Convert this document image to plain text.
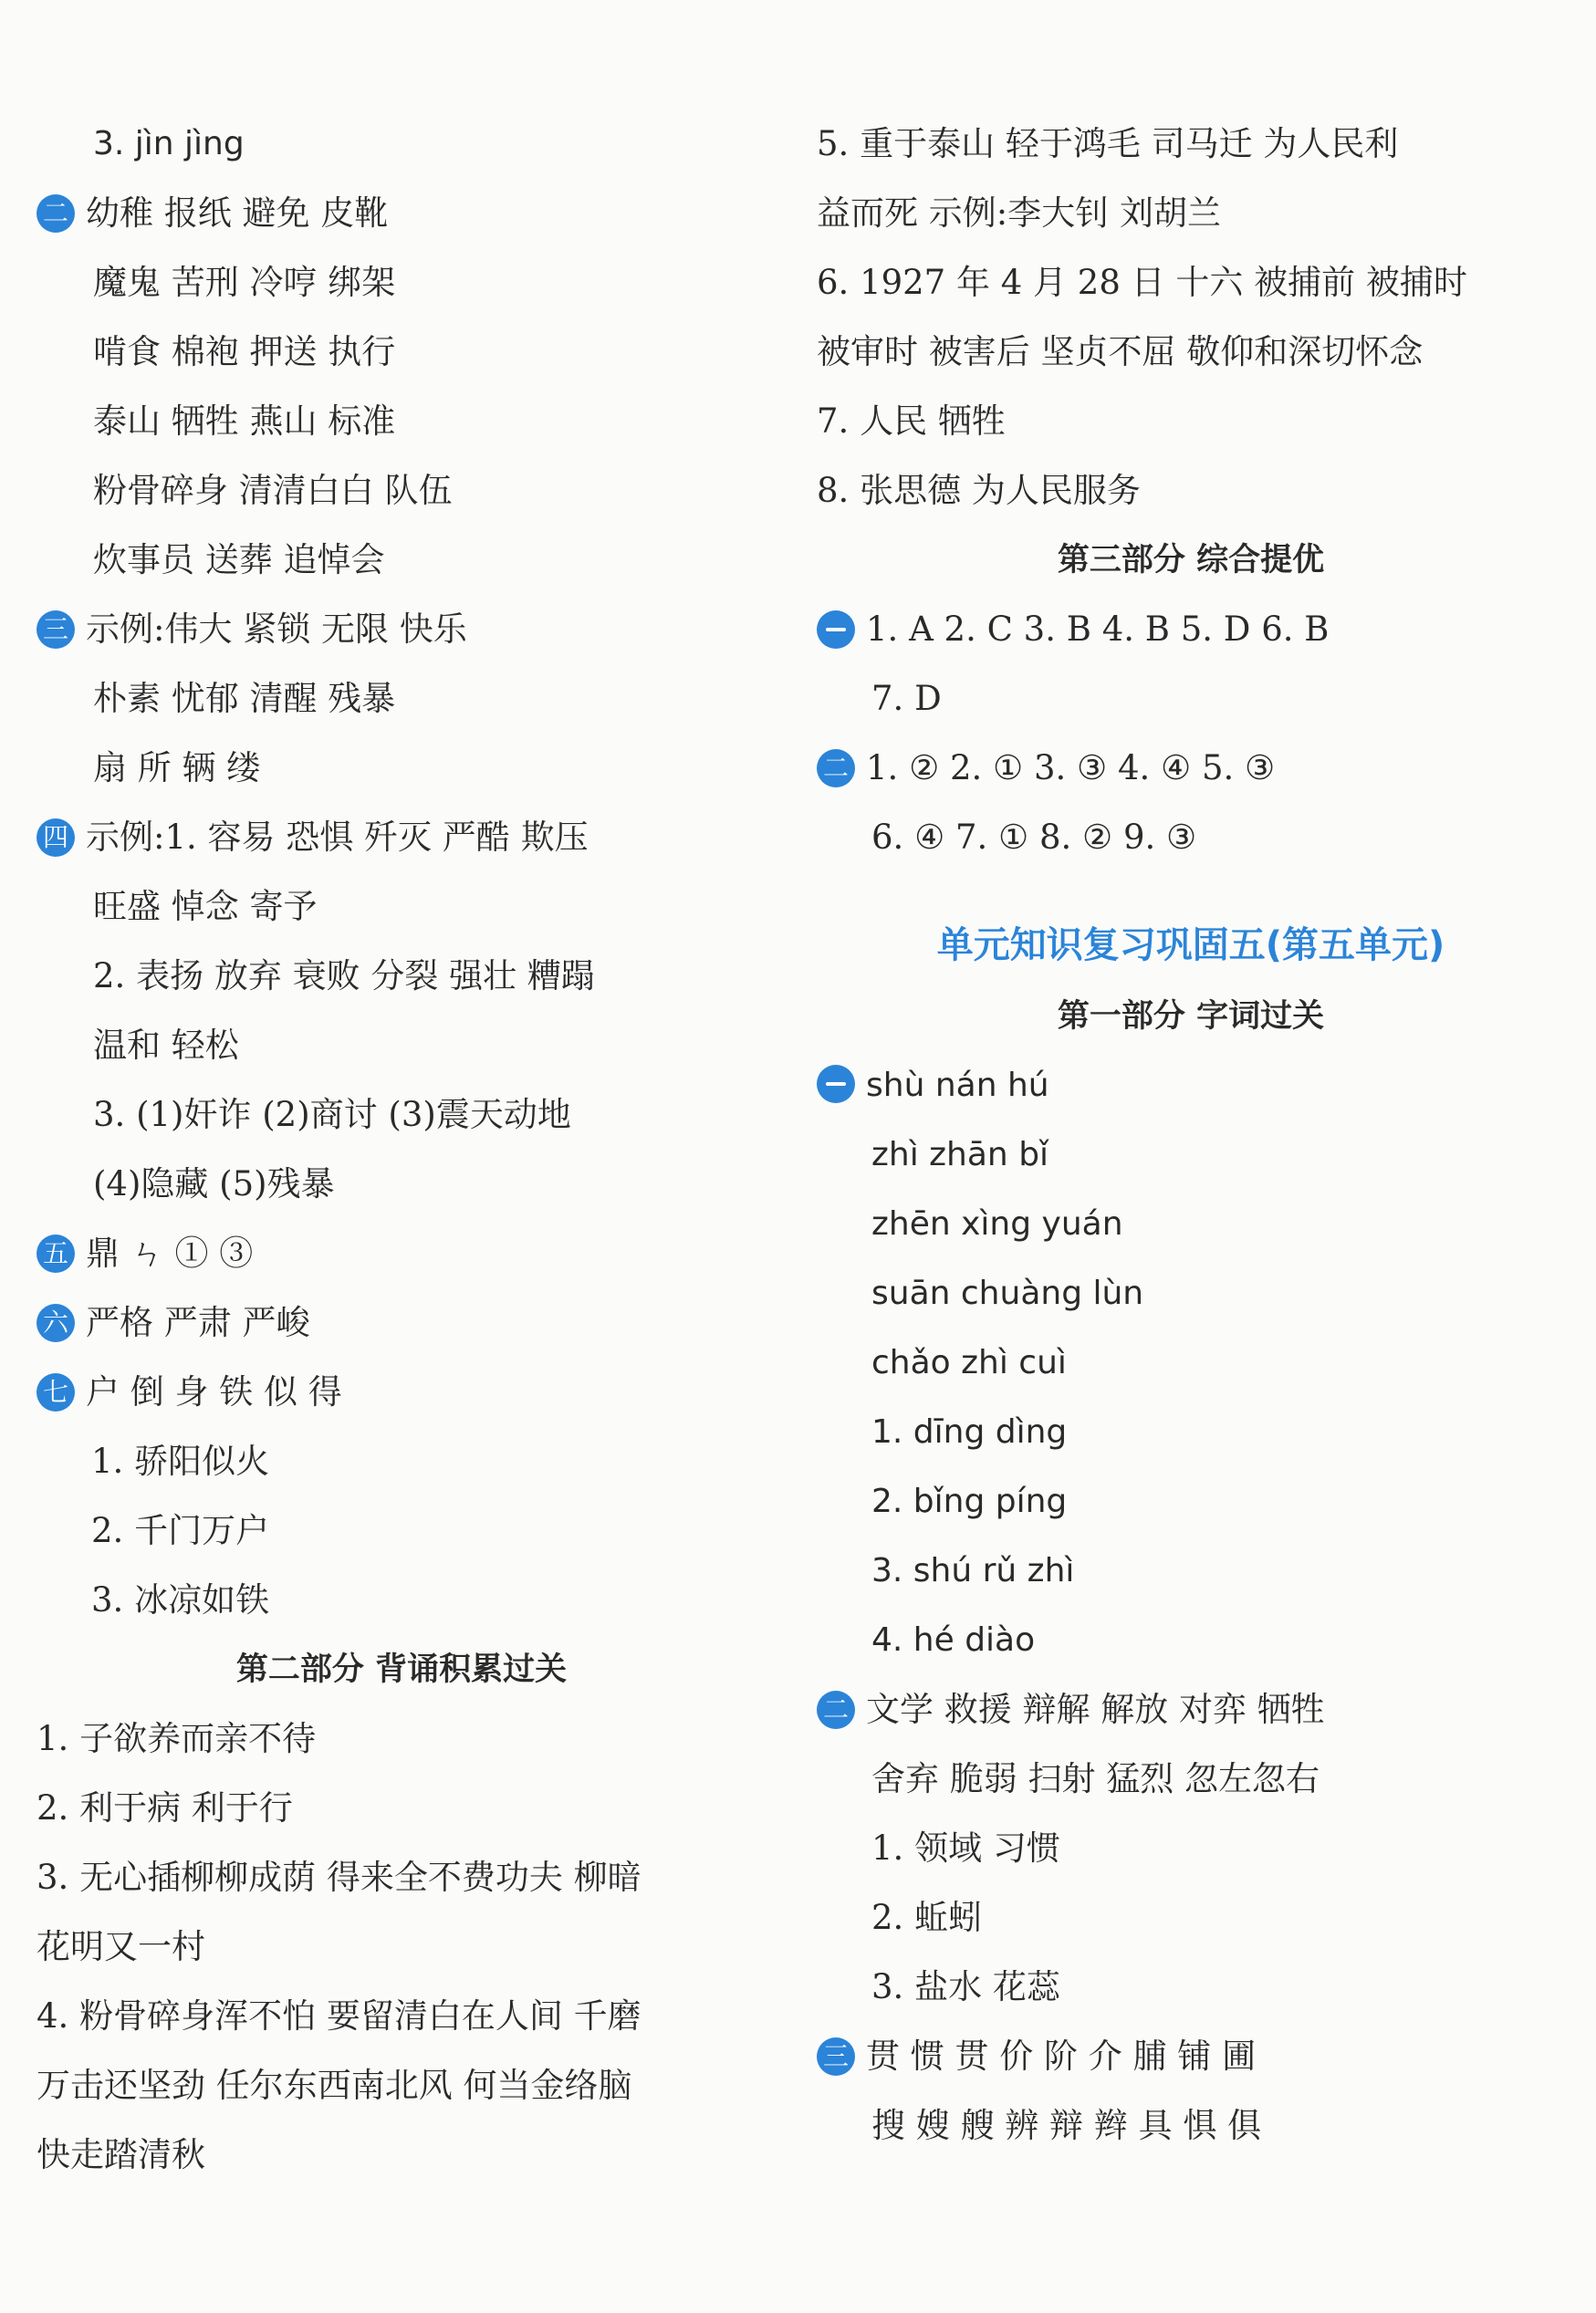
3. jìn jìng
二 幼稚 报纸 避免 皮靴
魔鬼 苦刑 冷哼 绑架
啃食 棉袍 押送 执行
泰山 牺牲 燕山 标准
粉骨碎身 清清白白 队伍
炊事员 送葬 追悼会
三 示例:伟大 紧锁 无限 快乐
朴素 忧郁 清醒 残暴
扇 所 辆 缕
四 示例:1. 容易 恐惧 歼灭 严酷 欺压
旺盛 悼念 寄予
2. 表扬 放弃 衰败 分裂 强壮 糟蹋
温和 轻松
3. (1)奸诈 (2)商讨 (3)震天动地
(4)隐藏 (5)残暴
五 鼎 ㄣ ① ③
六 严格 严肃 严峻
七 户 倒 身 铁 似 得
1. 骄阳似火
2. 千门万户
3. 冰凉如铁
第二部分 背诵积累过关
1. 子欲养而亲不待
2. 利于病 利于行
3. 无心插柳柳成荫 得来全不费功夫 柳暗
花明又一村
4. 粉骨碎身浑不怕 要留清白在人间 千磨
万击还坚劲 任尔东西南北风 何当金络脑
快走踏清秋
5. 重于泰山 轻于鸿毛 司马迁 为人民利
益而死 示例:李大钊 刘胡兰
6. 1927 年 4 月 28 日 十六 被捕前 被捕时
被审时 被害后 坚贞不屈 敬仰和深切怀念
7. 人民 牺牲
8. 张思德 为人民服务
第三部分 综合提优
1. A 2. C 3. B 4. B 5. D 6. B
7. D
二 1. ② 2. ① 3. ③ 4. ④ 5. ③
6. ④ 7. ① 8. ② 9. ③
单元知识复习巩固五(第五单元)
第一部分 字词过关
shù nán hú
zhì zhān bǐ
zhēn xìng yuán
suān chuàng lùn
chǎo zhì cuì
1. dīng dìng
2. bǐng píng
3. shú rǔ zhì
4. hé diào
二 文学 救援 辩解 解放 对弈 牺牲
舍弃 脆弱 扫射 猛烈 忽左忽右
1. 领域 习惯
2. 蚯蚓
3. 盐水 花蕊
三 贯 惯 贯 价 阶 介 脯 铺 圃
搜 嫂 艘 辨 辩 辫 具 惧 俱
